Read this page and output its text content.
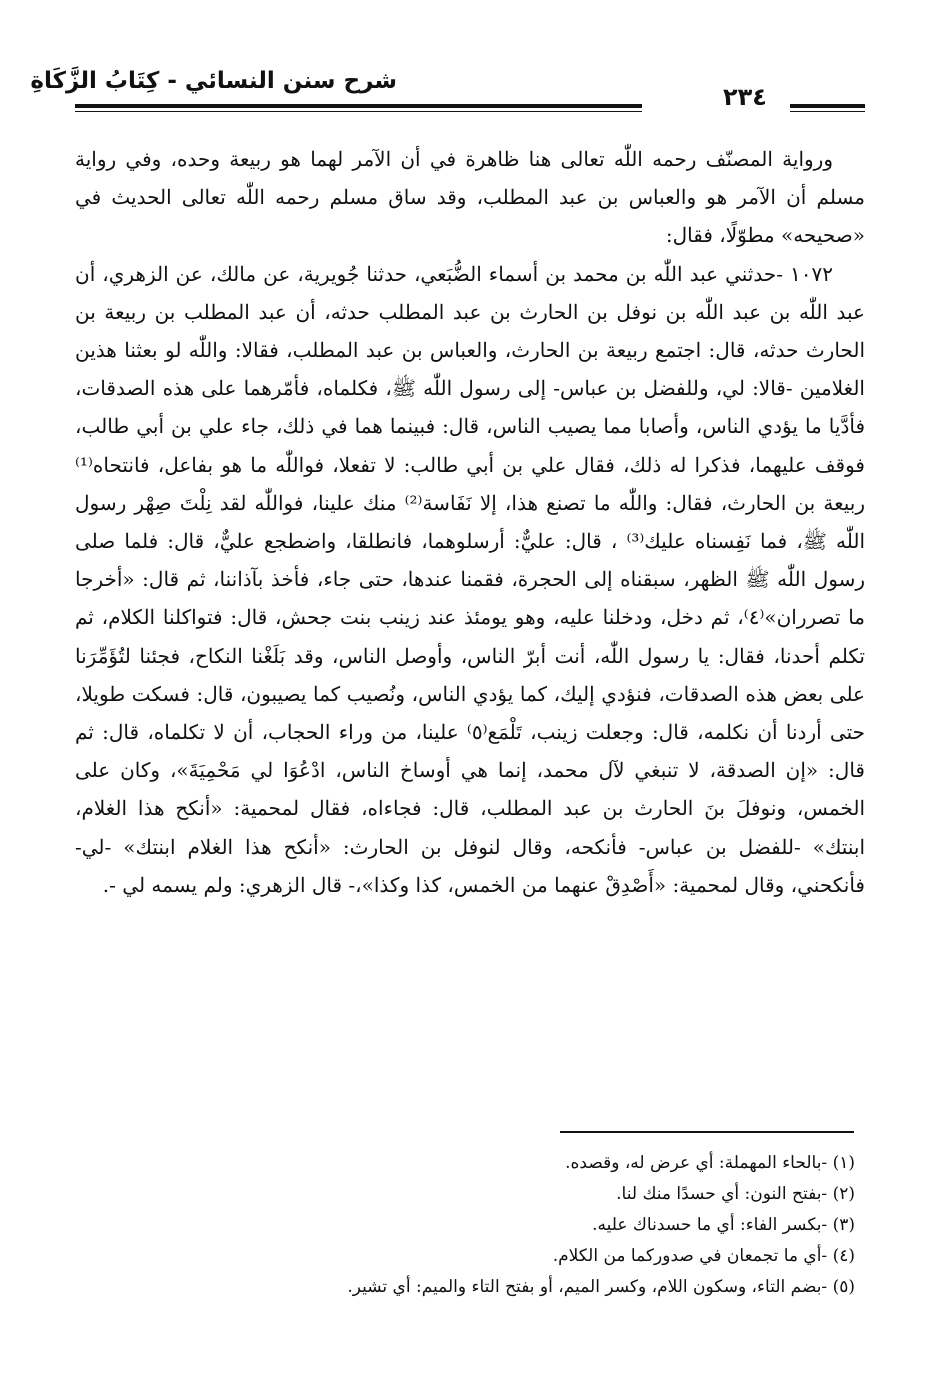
شرح سنن النسائي - كِتَابُ الزَّكَاةِ
٢٣٤

ورواية المصنّف رحمه اللّٰه تعالى هنا ظاهرة في أن الآمر لهما هو ربيعة وحده، وفي رواية مسلم أن الآمر هو والعباس بن عبد المطلب، وقد ساق مسلم رحمه اللّٰه تعالى الحديث في «صحيحه» مطوّلًا، فقال:

١٠٧٢ -حدثني عبد اللّٰه بن محمد بن أسماء الضُّبَعي، حدثنا جُويرية، عن مالك، عن الزهري، أن عبد اللّٰه بن عبد اللّٰه بن نوفل بن الحارث بن عبد المطلب حدثه، أن عبد المطلب بن ربيعة بن الحارث حدثه، قال: اجتمع ربيعة بن الحارث، والعباس بن عبد المطلب، فقالا: واللّٰه لو بعثنا هذين الغلامين -قالا: لي، وللفضل بن عباس- إلى رسول اللّٰه ﷺ، فكلماه، فأمّرهما على هذه الصدقات، فأدَّيا ما يؤدي الناس، وأصابا مما يصيب الناس، قال: فبينما هما في ذلك، جاء علي بن أبي طالب، فوقف عليهما، فذكرا له ذلك، فقال علي بن أبي طالب: لا تفعلا، فواللّٰه ما هو بفاعل، فانتحاه⁽¹⁾ ربيعة بن الحارث، فقال: واللّٰه ما تصنع هذا، إلا نَفَاسة⁽²⁾ منك علينا، فواللّٰه لقد نِلْتَ صِهْر رسول اللّٰه ﷺ، فما نَفِسناه عليك⁽³⁾ ، قال: عليٌّ: أرسلوهما، فانطلقا، واضطجع عليٌّ، قال: فلما صلى رسول اللّٰه ﷺ الظهر، سبقناه إلى الحجرة، فقمنا عندها، حتى جاء، فأخذ بآذاننا، ثم قال: «أخرجا ما تصرران»⁽٤⁾، ثم دخل، ودخلنا عليه، وهو يومئذ عند زينب بنت جحش، قال: فتواكلنا الكلام، ثم تكلم أحدنا، فقال: يا رسول اللّٰه، أنت أبرّ الناس، وأوصل الناس، وقد بَلَغْنا النكاح، فجئنا لتُؤَمِّرَنا على بعض هذه الصدقات، فنؤدي إليك، كما يؤدي الناس، ونُصيب كما يصيبون، قال: فسكت طويلا، حتى أردنا أن نكلمه، قال: وجعلت زينب، تَلْمَع⁽٥⁾ علينا، من وراء الحجاب، أن لا تكلماه، قال: ثم قال: «إن الصدقة، لا تنبغي لآل محمد، إنما هي أوساخ الناس، ادْعُوَا لي مَحْمِيَةَ»، وكان على الخمس، ونوفلَ بنَ الحارث بن عبد المطلب، قال: فجاءاه، فقال لمحمية: «أنكح هذا الغلام، ابنتك» -للفضل بن عباس- فأنكحه، وقال لنوفل بن الحارث: «أنكح هذا الغلام ابنتك» -لي- فأنكحني، وقال لمحمية: «أَصْدِقْ عنهما من الخمس، كذا وكذا»،- قال الزهري: ولم يسمه لي -.

(١) -بالحاء المهملة: أي عرض له، وقصده.
(٢) -بفتح النون: أي حسدًا منك لنا.
(٣) -بكسر الفاء: أي ما حسدناك عليه.
(٤) -أي ما تجمعان في صدوركما من الكلام.
(٥) -بضم التاء، وسكون اللام، وكسر الميم، أو بفتح التاء والميم: أي تشير.
